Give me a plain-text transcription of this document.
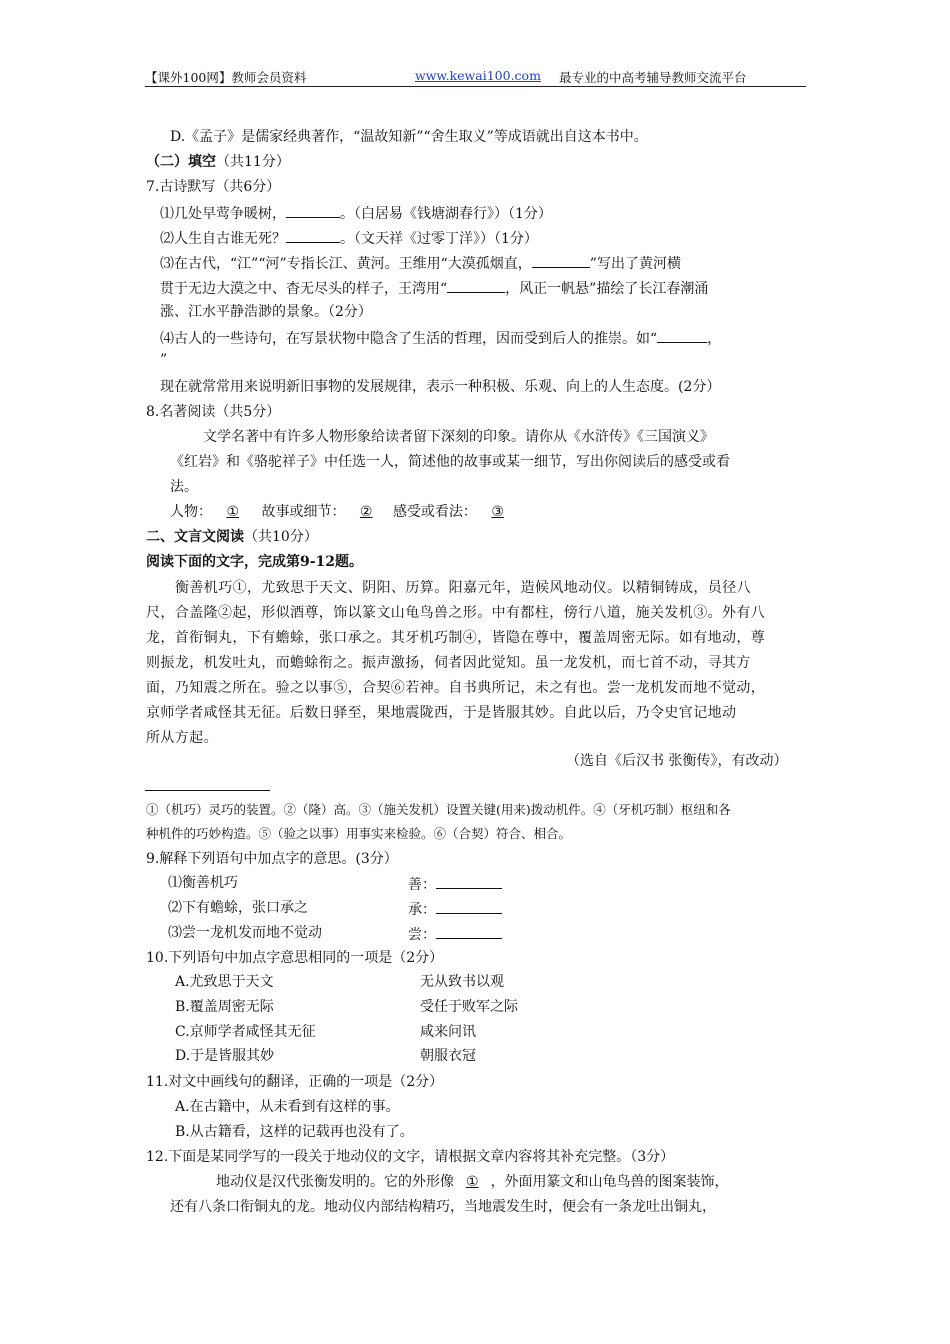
【课外100网】教师会员资料	www.kewai100.com 最专业的中高考辅导教师交流平台
D.《孟子》是儒家经典著作，“温故知新”“舍生取义”等成语就出自这本书中。
（二）填空（共11分）
7.古诗默写（共6分）
⑴几处早莺争暖树，	。（白居易《钱塘湖春行》）（1分）
⑵人生自古谁无死？	。（文天祥《过零丁洋》）（1分）
⑶在古代，“江”“河”专指长江、黄河。王维用“大漠孤烟直，	”写出了黄河横
贯于无边大漠之中、杳无尽头的样子，王湾用“	，风正一帆悬”描绘了长江春潮涌
涨、江水平静浩渺的景象。（2分）
⑷古人的一些诗句，在写景状物中隐含了生活的哲理，因而受到后人的推崇。如“	，
”
现在就常常用来说明新旧事物的发展规律，表示一种积极、乐观、向上的人生态度。(2分）
8.名著阅读（共5分）
文学名著中有许多人物形象给读者留下深刻的印象。请你从《水浒传》《三国演义》
《红岩》和《骆驼祥子》中任选一人，简述他的故事或某一细节，写出你阅读后的感受或看
法。
人物： ① 故事或细节： ② 感受或看法： ③
二、文言文阅读（共10分）
阅读下面的文字，完成第9-12题。
衡善机巧①，尤致思于天文、阴阳、历算。阳嘉元年，造候风地动仪。以精铜铸成，员径八
尺，合盖隆②起，形似酒尊，饰以篆文山龟鸟兽之形。中有都柱，傍行八道，施关发机③。外有八
龙，首衔铜丸，下有蟾蜍，张口承之。其牙机巧制④，皆隐在尊中，覆盖周密无际。如有地动，尊
则振龙，机发吐丸，而蟾蜍衔之。振声激扬，伺者因此觉知。虽一龙发机，而七首不动，寻其方
面，乃知震之所在。验之以事⑤，合契⑥若神。自书典所记，未之有也。尝一龙机发而地不觉动，
京师学者咸怪其无征。后数日驿至，果地震陇西，于是皆服其妙。自此以后，乃令史官记地动
所从方起。
（选自《后汉书 张衡传》，有改动）
①（机巧）灵巧的装置。②（隆）高。③（施关发机）设置关键(用来)拨动机件。④（牙机巧制）枢纽和各
种机件的巧妙构造。⑤（验之以事）用事实来检验。⑥（合契）符合、相合。
9.解释下列语句中加点字的意思。(3分）
⑴衡善机巧	善：
⑵下有蟾蜍，张口承之	承：
⑶尝一龙机发而地不觉动	尝：
10.下列语句中加点字意思相同的一项是（2分）
A.尤致思于天文	无从致书以观
B.覆盖周密无际	受任于败军之际
C.京师学者咸怪其无征	咸来问讯
D.于是皆服其妙	朝服衣冠
11.对文中画线句的翻译，正确的一项是（2分）
A.在古籍中，从未看到有这样的事。
B.从古籍看，这样的记载再也没有了。
12.下面是某同学写的一段关于地动仪的文字，请根据文章内容将其补充完整。（3分）
地动仪是汉代张衡发明的。它的外形像 ① ，外面用篆文和山龟鸟兽的图案装饰，
还有八条口衔铜丸的龙。地动仪内部结构精巧，当地震发生时，便会有一条龙吐出铜丸，
